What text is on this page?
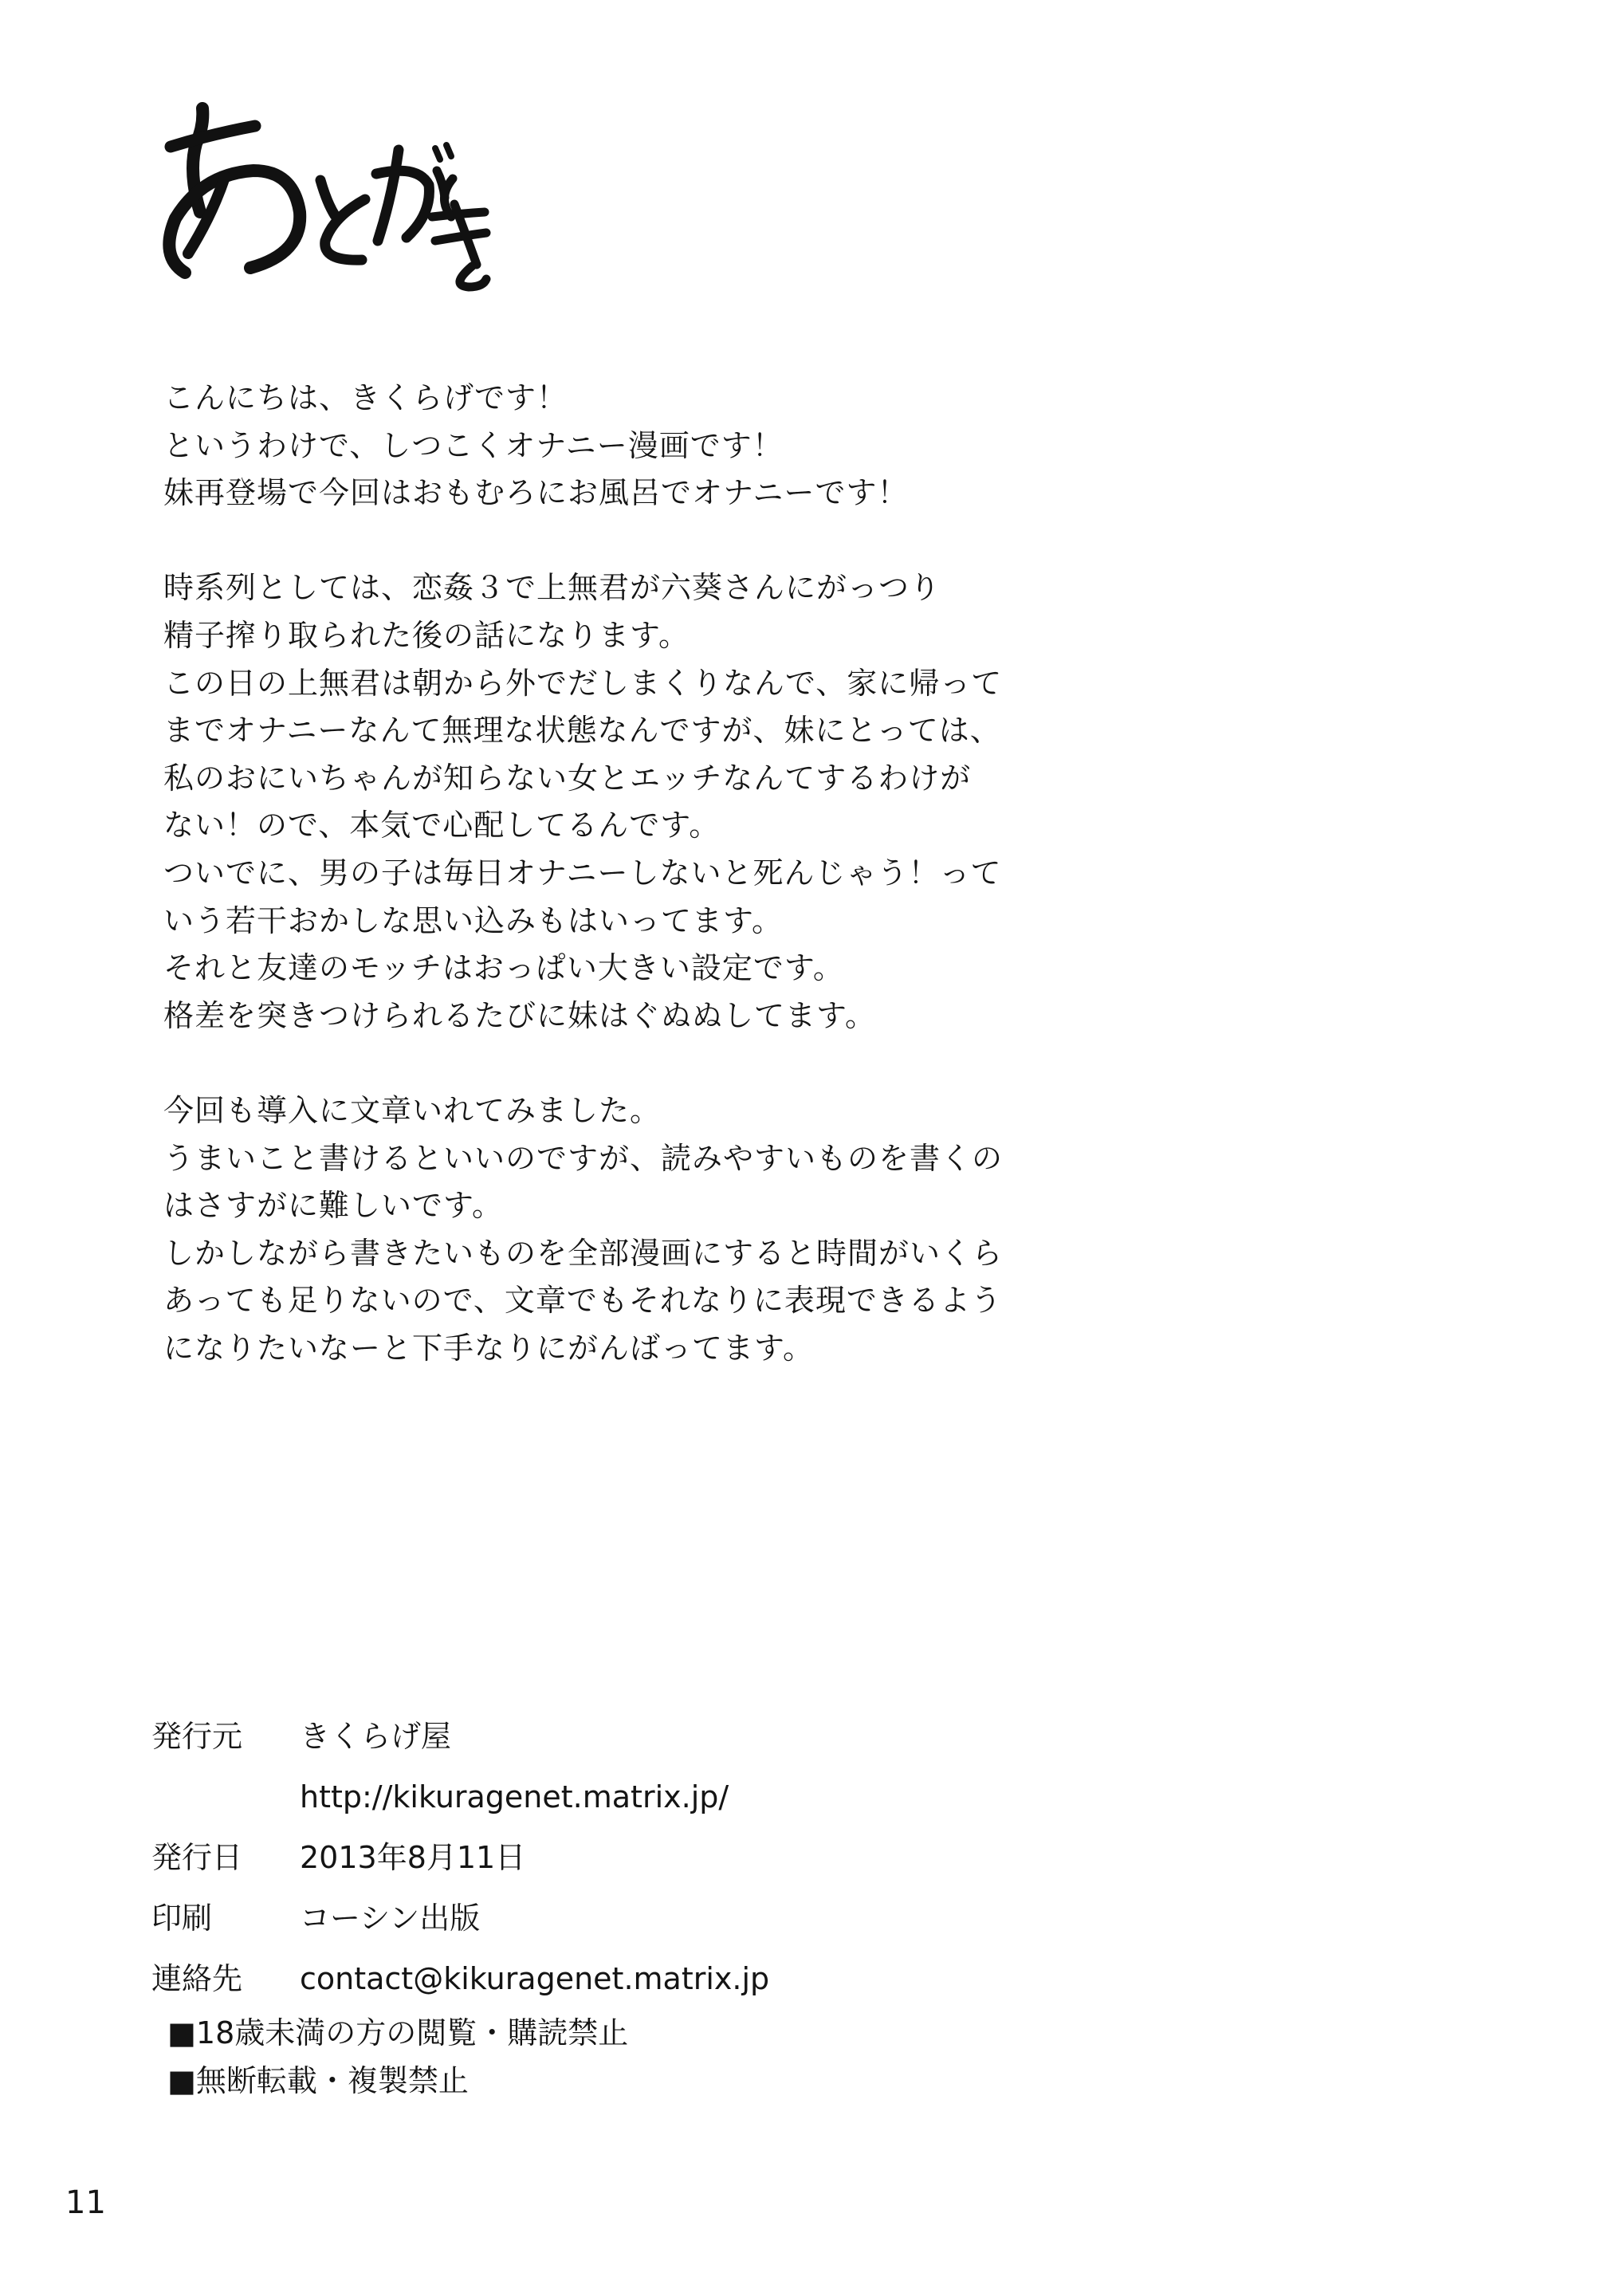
こんにちは、きくらげです！
というわけで、しつこくオナニー漫画です！
妹再登場で今回はおもむろにお風呂でオナニーです！
時系列としては、恋姦３で上無君が六葵さんにがっつり
精子搾り取られた後の話になります。
この日の上無君は朝から外でだしまくりなんで、家に帰って
までオナニーなんて無理な状態なんですが、妹にとっては、
私のおにいちゃんが知らない女とエッチなんてするわけが
ない！ので、本気で心配してるんです。
ついでに、男の子は毎日オナニーしないと死んじゃう！って
いう若干おかしな思い込みもはいってます。
それと友達のモッチはおっぱい大きい設定です。
格差を突きつけられるたびに妹はぐぬぬしてます。
今回も導入に文章いれてみました。
うまいこと書けるといいのですが、読みやすいものを書くの
はさすがに難しいです。
しかしながら書きたいものを全部漫画にすると時間がいくら
あっても足りないので、文章でもそれなりに表現できるよう
になりたいなーと下手なりにがんばってます。
発行元 きくらげ屋
http://kikuragenet.matrix.jp/
発行日 2013年8月11日
印刷	コーシン出版
連絡先 contact@kikuragenet.matrix.jp
■18歳未満の方の閲覧・購読禁止
■無断転載・複製禁止
11
